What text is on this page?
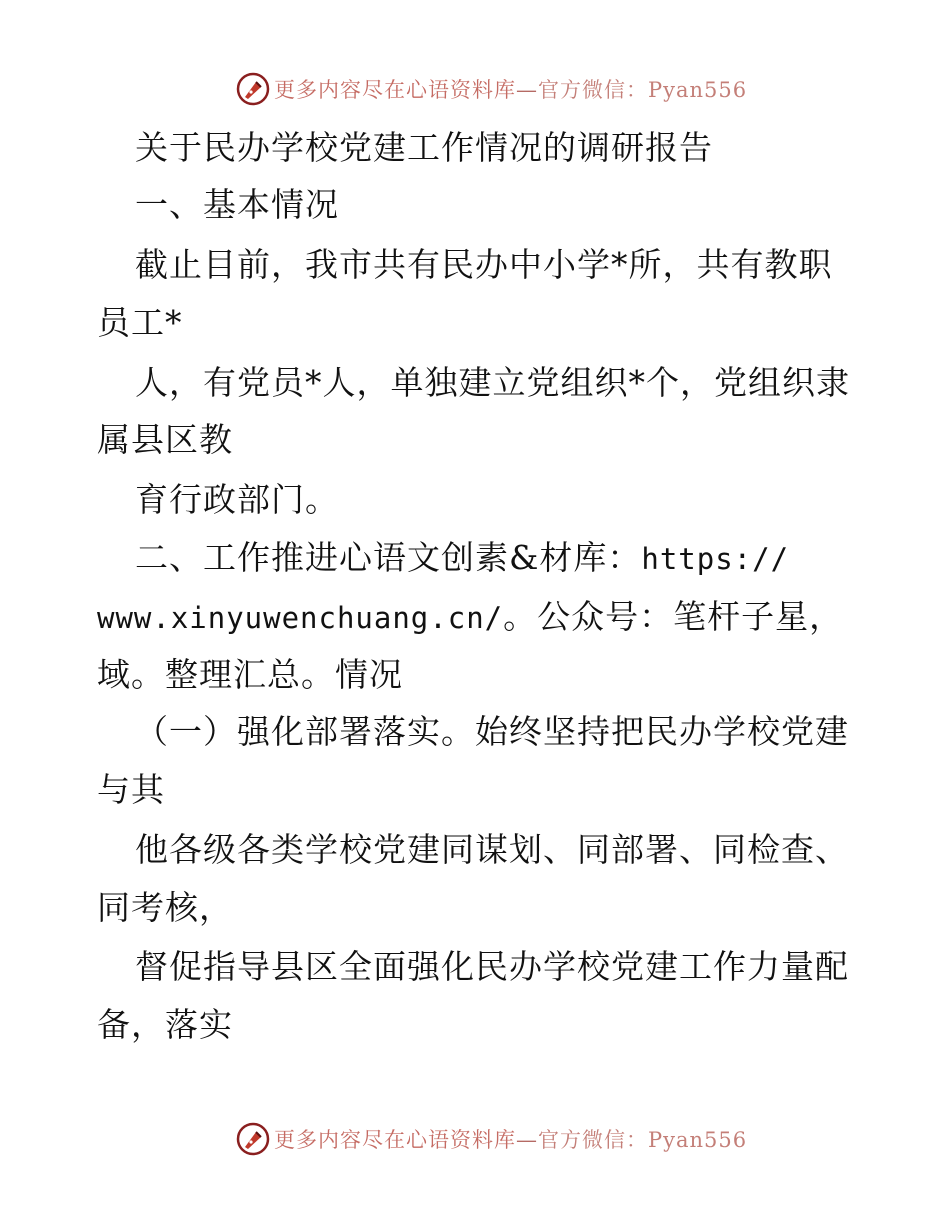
更多内容尽在心语资料库—官方微信：Pyan556
关于民办学校党建工作情况的调研报告
一、基本情况
截止目前，我市共有民办中小学*所，共有教职
员工*
人，有党员*人，单独建立党组织*个，党组织隶
属县区教
育行政部门。
二、工作推进心语文创素&材库：https://
www.xinyuwenchuang.cn/。公众号：笔杆子星，
域。整理汇总。情况
（一）强化部署落实。始终坚持把民办学校党建
与其
他各级各类学校党建同谋划、同部署、同检查、
同考核，
督促指导县区全面强化民办学校党建工作力量配
备，落实
更多内容尽在心语资料库—官方微信：Pyan556
